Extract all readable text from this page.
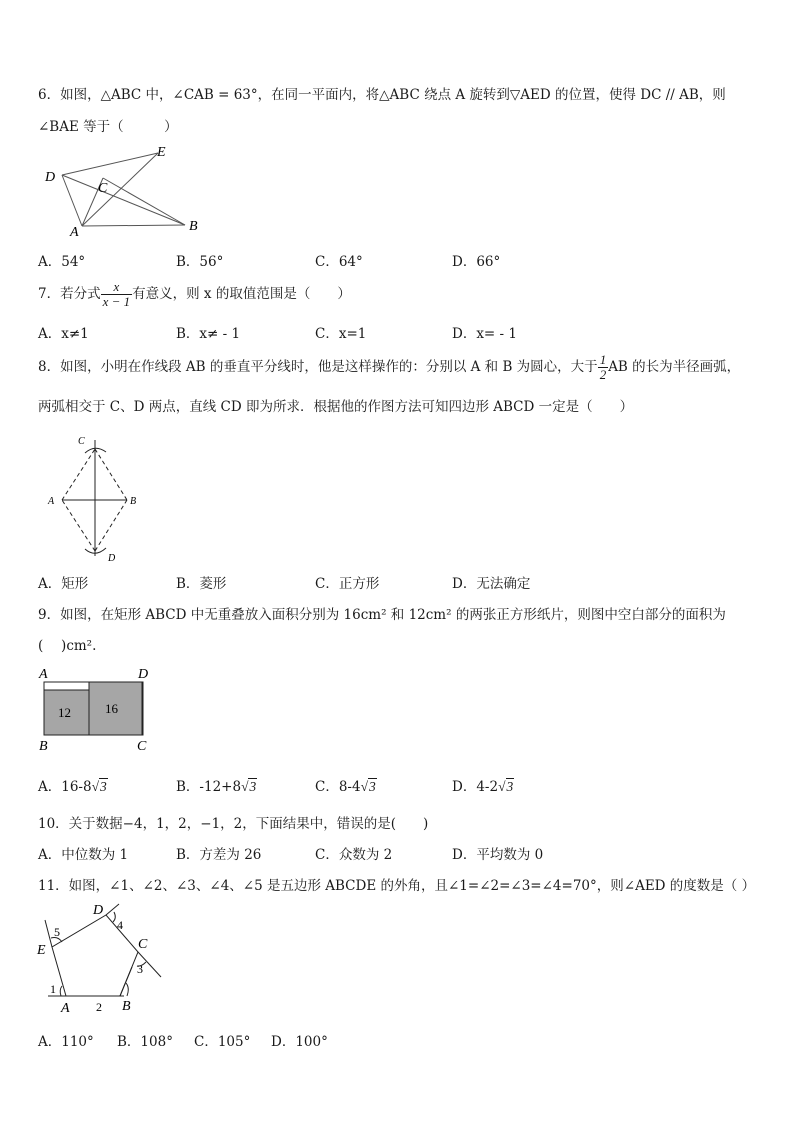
6．如图，△ABC 中，∠CAB = 63°，在同一平面内，将△ABC 绕点 A 旋转到▽AED 的位置，使得 DC // AB，则
∠BAE 等于（　　　）
D
E
C
A	B
A．54°	B．56°	C．64°	D．66°
7．若分式 $\frac{x}{x - 1}$ 有意义，则 x 的取值范围是（　　）
A．x≠1	B．x≠ - 1	C．x=1	D．x= - 1
8．如图，小明在作线段 AB 的垂直平分线时，他是这样操作的：分别以 A 和 B 为圆心，大于 $\frac{1}{2}$ AB 的长为半径画弧，
两弧相交于 C、D 两点，直线 CD 即为所求．根据他的作图方法可知四边形 ABCD 一定是（　　）
C
A	B
D
A．矩形	B．菱形	C．正方形	D．无法确定
9．如图，在矩形 ABCD 中无重叠放入面积分别为 16cm² 和 12cm² 的两张正方形纸片，则图中空白部分的面积为
(　 )cm².
A	D
B	C
12	16
A．16-8√3	B．-12+8√3	C．8-4√3	D．4-2√3
10．关于数据−4，1，2，−1，2，下面结果中，错误的是(　　)
A．中位数为 1	B．方差为 26	C．众数为 2	D．平均数为 0
11．如图，∠1、∠2、∠3、∠4、∠5 是五边形 ABCDE 的外角，且∠1=∠2=∠3=∠4=70°，则∠AED 的度数是（ ）
D
4
C
5
E
3
1
A 2 B
A．110° B．108° C．105° D．100°
